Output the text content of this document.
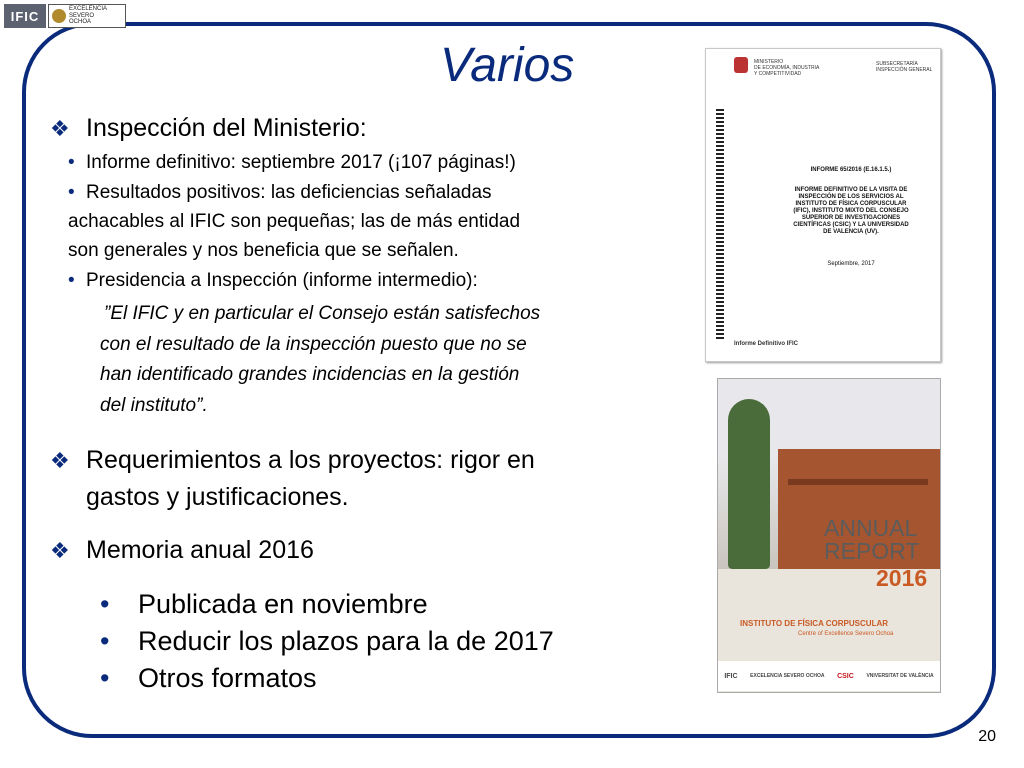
IFIC	EXCELENCIA
SEVERO
OCHOA
Varios
❖ Inspección del Ministerio:
• Informe definitivo: septiembre 2017 (¡107 páginas!)
• Resultados positivos: las deficiencias señaladas
achacables al IFIC son pequeñas; las de más entidad
son generales y nos beneficia que se señalen.
• Presidencia a Inspección (informe intermedio):
”El IFIC y en particular el Consejo están satisfechos
con el resultado de la inspección puesto que no se
han identificado grandes incidencias en la gestión
del instituto”.
❖ Requerimientos a los proyectos: rigor en
gastos y justificaciones.
❖ Memoria anual 2016
• Publicada en noviembre
• Reducir los plazos para la de 2017
• Otros formatos
MINISTERIO
DE ECONOMÍA, INDUSTRIA
Y COMPETITIVIDAD
SUBSECRETARÍA
INSPECCIÓN GENERAL
INFORME 65/2016 (E.16.1.5.)
INFORME DEFINITIVO DE LA VISITA DE
INSPECCIÓN DE LOS SERVICIOS AL
INSTITUTO DE FÍSICA CORPUSCULAR
(IFIC), INSTITUTO MIXTO DEL CONSEJO
SUPERIOR DE INVESTIGACIONES
CIENTÍFICAS (CSIC) Y LA UNIVERSIDAD
DE VALENCIA (UV).
Septiembre, 2017
Informe Definitivo IFIC
ANNUAL
REPORT
2016
INSTITUTO DE FÍSICA CORPUSCULAR
Centre of Excellence Severo Ochoa
IFIC	EXCELENCIA SEVERO OCHOA CSIC	VNIVERSITAT DE VALÈNCIA
20
